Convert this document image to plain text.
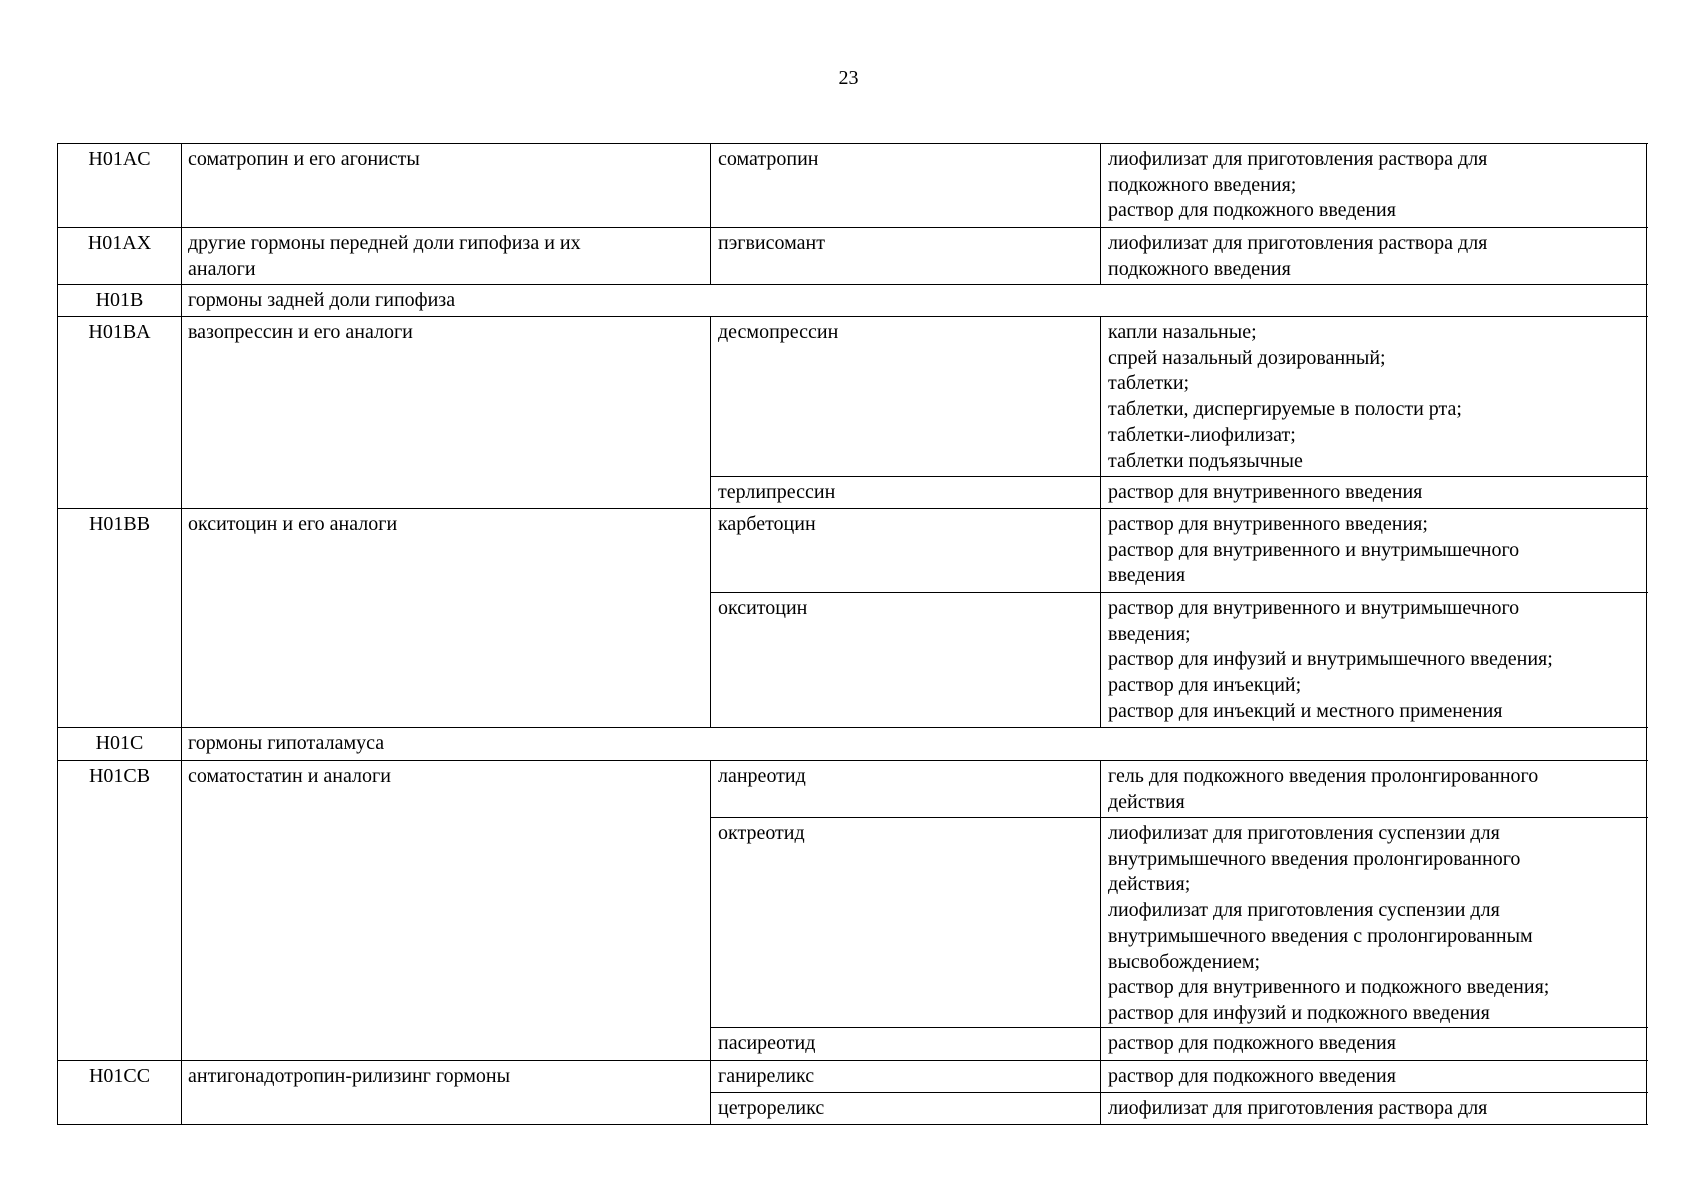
23
H01AC	соматропин и его агонисты	соматропин	лиофилизат для приготовления раствора для
подкожного введения;
раствор для подкожного введения
H01AX	другие гормоны передней доли гипофиза и их
аналоги
пэгвисомант	лиофилизат для приготовления раствора для
подкожного введения
H01B	гормоны задней доли гипофиза
H01BA	вазопрессин и его аналоги	десмопрессин	капли назальные;
спрей назальный дозированный;
таблетки;
таблетки, диспергируемые в полости рта;
таблетки-лиофилизат;
таблетки подъязычные
терлипрессин	раствор для внутривенного введения
H01BB	окситоцин и его аналоги	карбетоцин	раствор для внутривенного введения;
раствор для внутривенного и внутримышечного
введения
окситоцин	раствор для внутривенного и внутримышечного
введения;
раствор для инфузий и внутримышечного введения;
раствор для инъекций;
раствор для инъекций и местного применения
H01C	гормоны гипоталамуса
H01CB	соматостатин и аналоги	ланреотид	гель для подкожного введения пролонгированного
действия
октреотид	лиофилизат для приготовления суспензии для
внутримышечного введения пролонгированного
действия;
лиофилизат для приготовления суспензии для
внутримышечного введения с пролонгированным
высвобождением;
раствор для внутривенного и подкожного введения;
раствор для инфузий и подкожного введения
пасиреотид	раствор для подкожного введения
H01CC	антигонадотропин-рилизинг гормоны	ганиреликс	раствор для подкожного введения
цетрореликс	лиофилизат для приготовления раствора для
